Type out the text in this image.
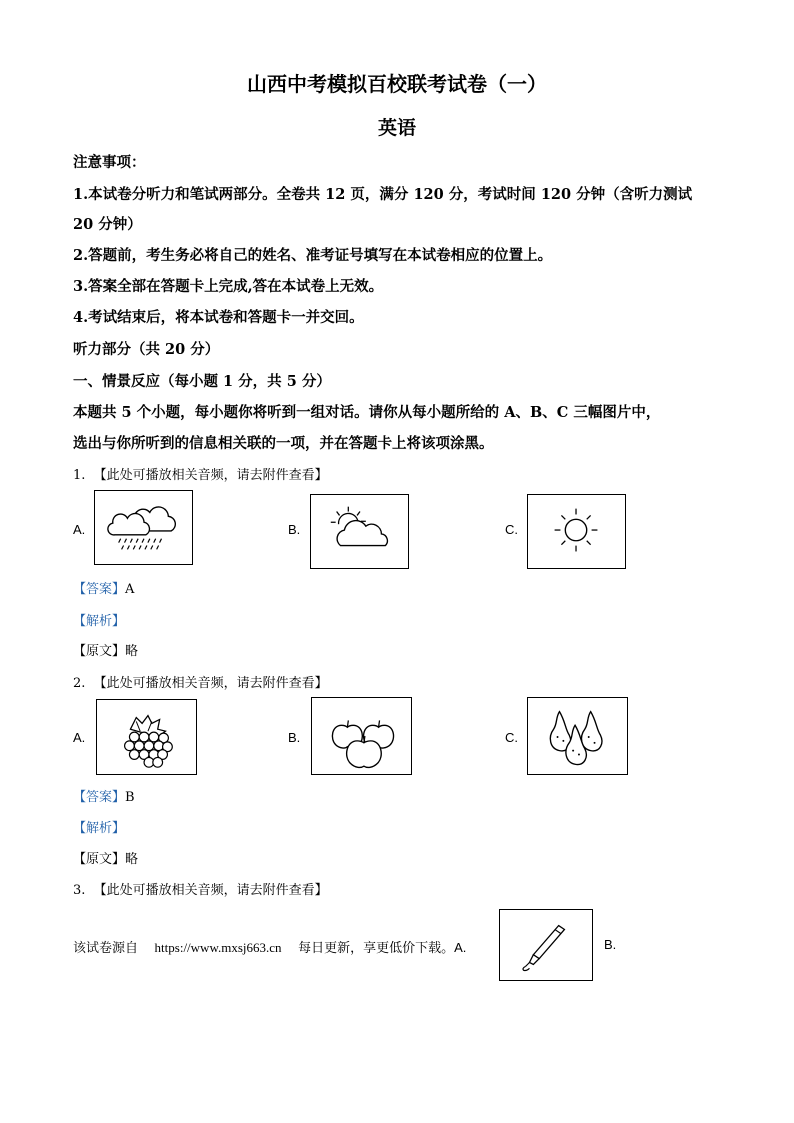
山西中考模拟百校联考试卷（一）
英语
注意事项：
1.本试卷分听力和笔试两部分。全卷共 12 页，满分 120 分，考试时间 120 分钟（含听力测试
20 分钟）
2.答题前，考生务必将自己的姓名、准考证号填写在本试卷相应的位置上。
3.答案全部在答题卡上完成,答在本试卷上无效。
4.考试结束后，将本试卷和答题卡一并交回。
听力部分（共 20 分）
一、情景反应（每小题 1 分，共 5 分）
本题共 5 个小题，每小题你将听到一组对话。请你从每小题所给的 A、B、C 三幅图片中，
选出与你所听到的信息相关联的一项，并在答题卡上将该项涂黑。
1. 【此处可播放相关音频，请去附件查看】
A.	B.	C.
【答案】A
【解析】
【原文】略
2. 【此处可播放相关音频，请去附件查看】
A.	B.	C.
【答案】B
【解析】
【原文】略
3. 【此处可播放相关音频，请去附件查看】
该试卷源自 https://www.mxsj663.cn 每日更新，享更低价下载。A.	B.
